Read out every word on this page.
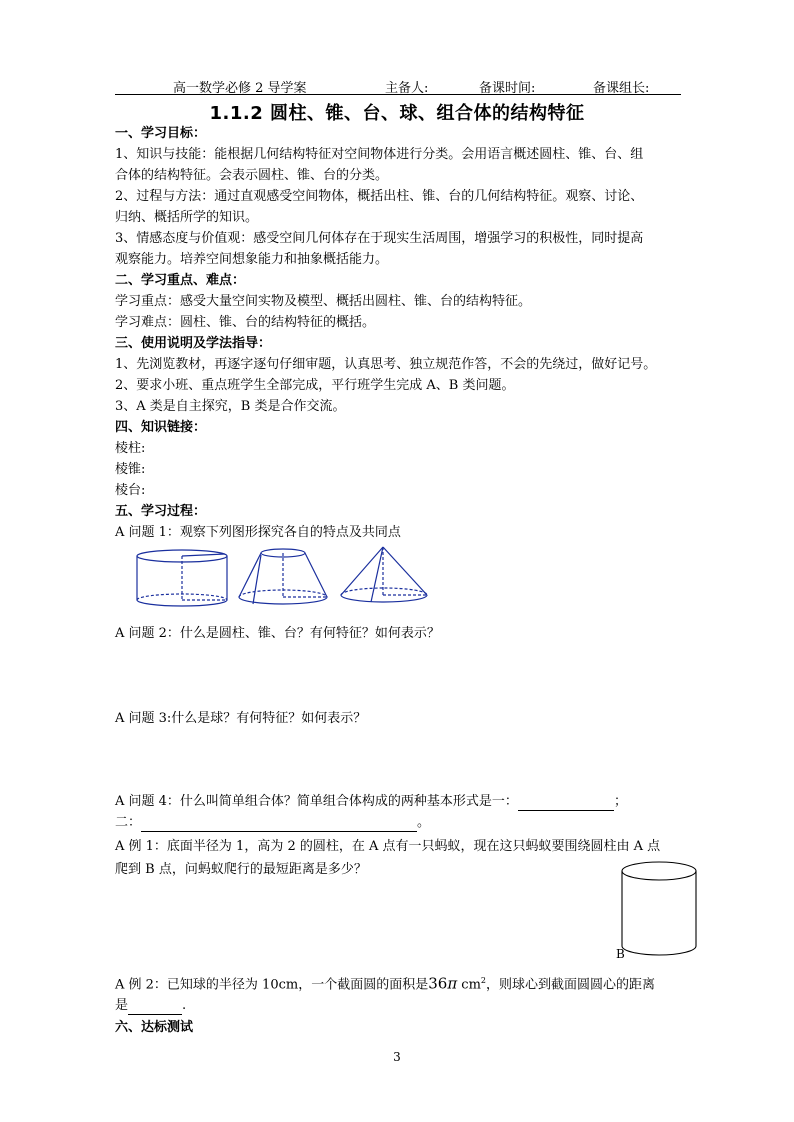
高一数学必修 2 导学案	主备人:	备课时间:	备课组长:
1.1.2 圆柱、锥、台、球、组合体的结构特征
一、学习目标：
1、知识与技能：能根据几何结构特征对空间物体进行分类。会用语言概述圆柱、锥、台、组
合体的结构特征。会表示圆柱、锥、台的分类。
2、过程与方法：通过直观感受空间物体，概括出柱、锥、台的几何结构特征。观察、讨论、
归纳、概括所学的知识。
3、情感态度与价值观：感受空间几何体存在于现实生活周围，增强学习的积极性，同时提高
观察能力。培养空间想象能力和抽象概括能力。
二、学习重点、难点：
学习重点：感受大量空间实物及模型、概括出圆柱、锥、台的结构特征。
学习难点：圆柱、锥、台的结构特征的概括。
三、使用说明及学法指导：
1、先浏览教材，再逐字逐句仔细审题，认真思考、独立规范作答，不会的先绕过，做好记号。
2、要求小班、重点班学生全部完成，平行班学生完成 A、B 类问题。
3、A 类是自主探究，B 类是合作交流。
四、知识链接：
棱柱:
棱锥:
棱台:
五、学习过程：
A 问题 1：观察下列图形探究各自的特点及共同点
A 问题 2：什么是圆柱、锥、台？有何特征？如何表示？
A 问题 3:什么是球？有何特征？如何表示？
A 问题 4：什么叫简单组合体？简单组合体构成的两种基本形式是一：	；
二：	。
A 例 1：底面半径为 1，高为 2 的圆柱，在 A 点有一只蚂蚁，现在这只蚂蚁要围绕圆柱由 A 点
爬到 B 点，问蚂蚁爬行的最短距离是多少？
B
A 例 2：已知球的半径为 10cm，一个截面圆的面积是36π $cm^2$，则球心到截面圆圆心的距离
是	.
六、达标测试
3
